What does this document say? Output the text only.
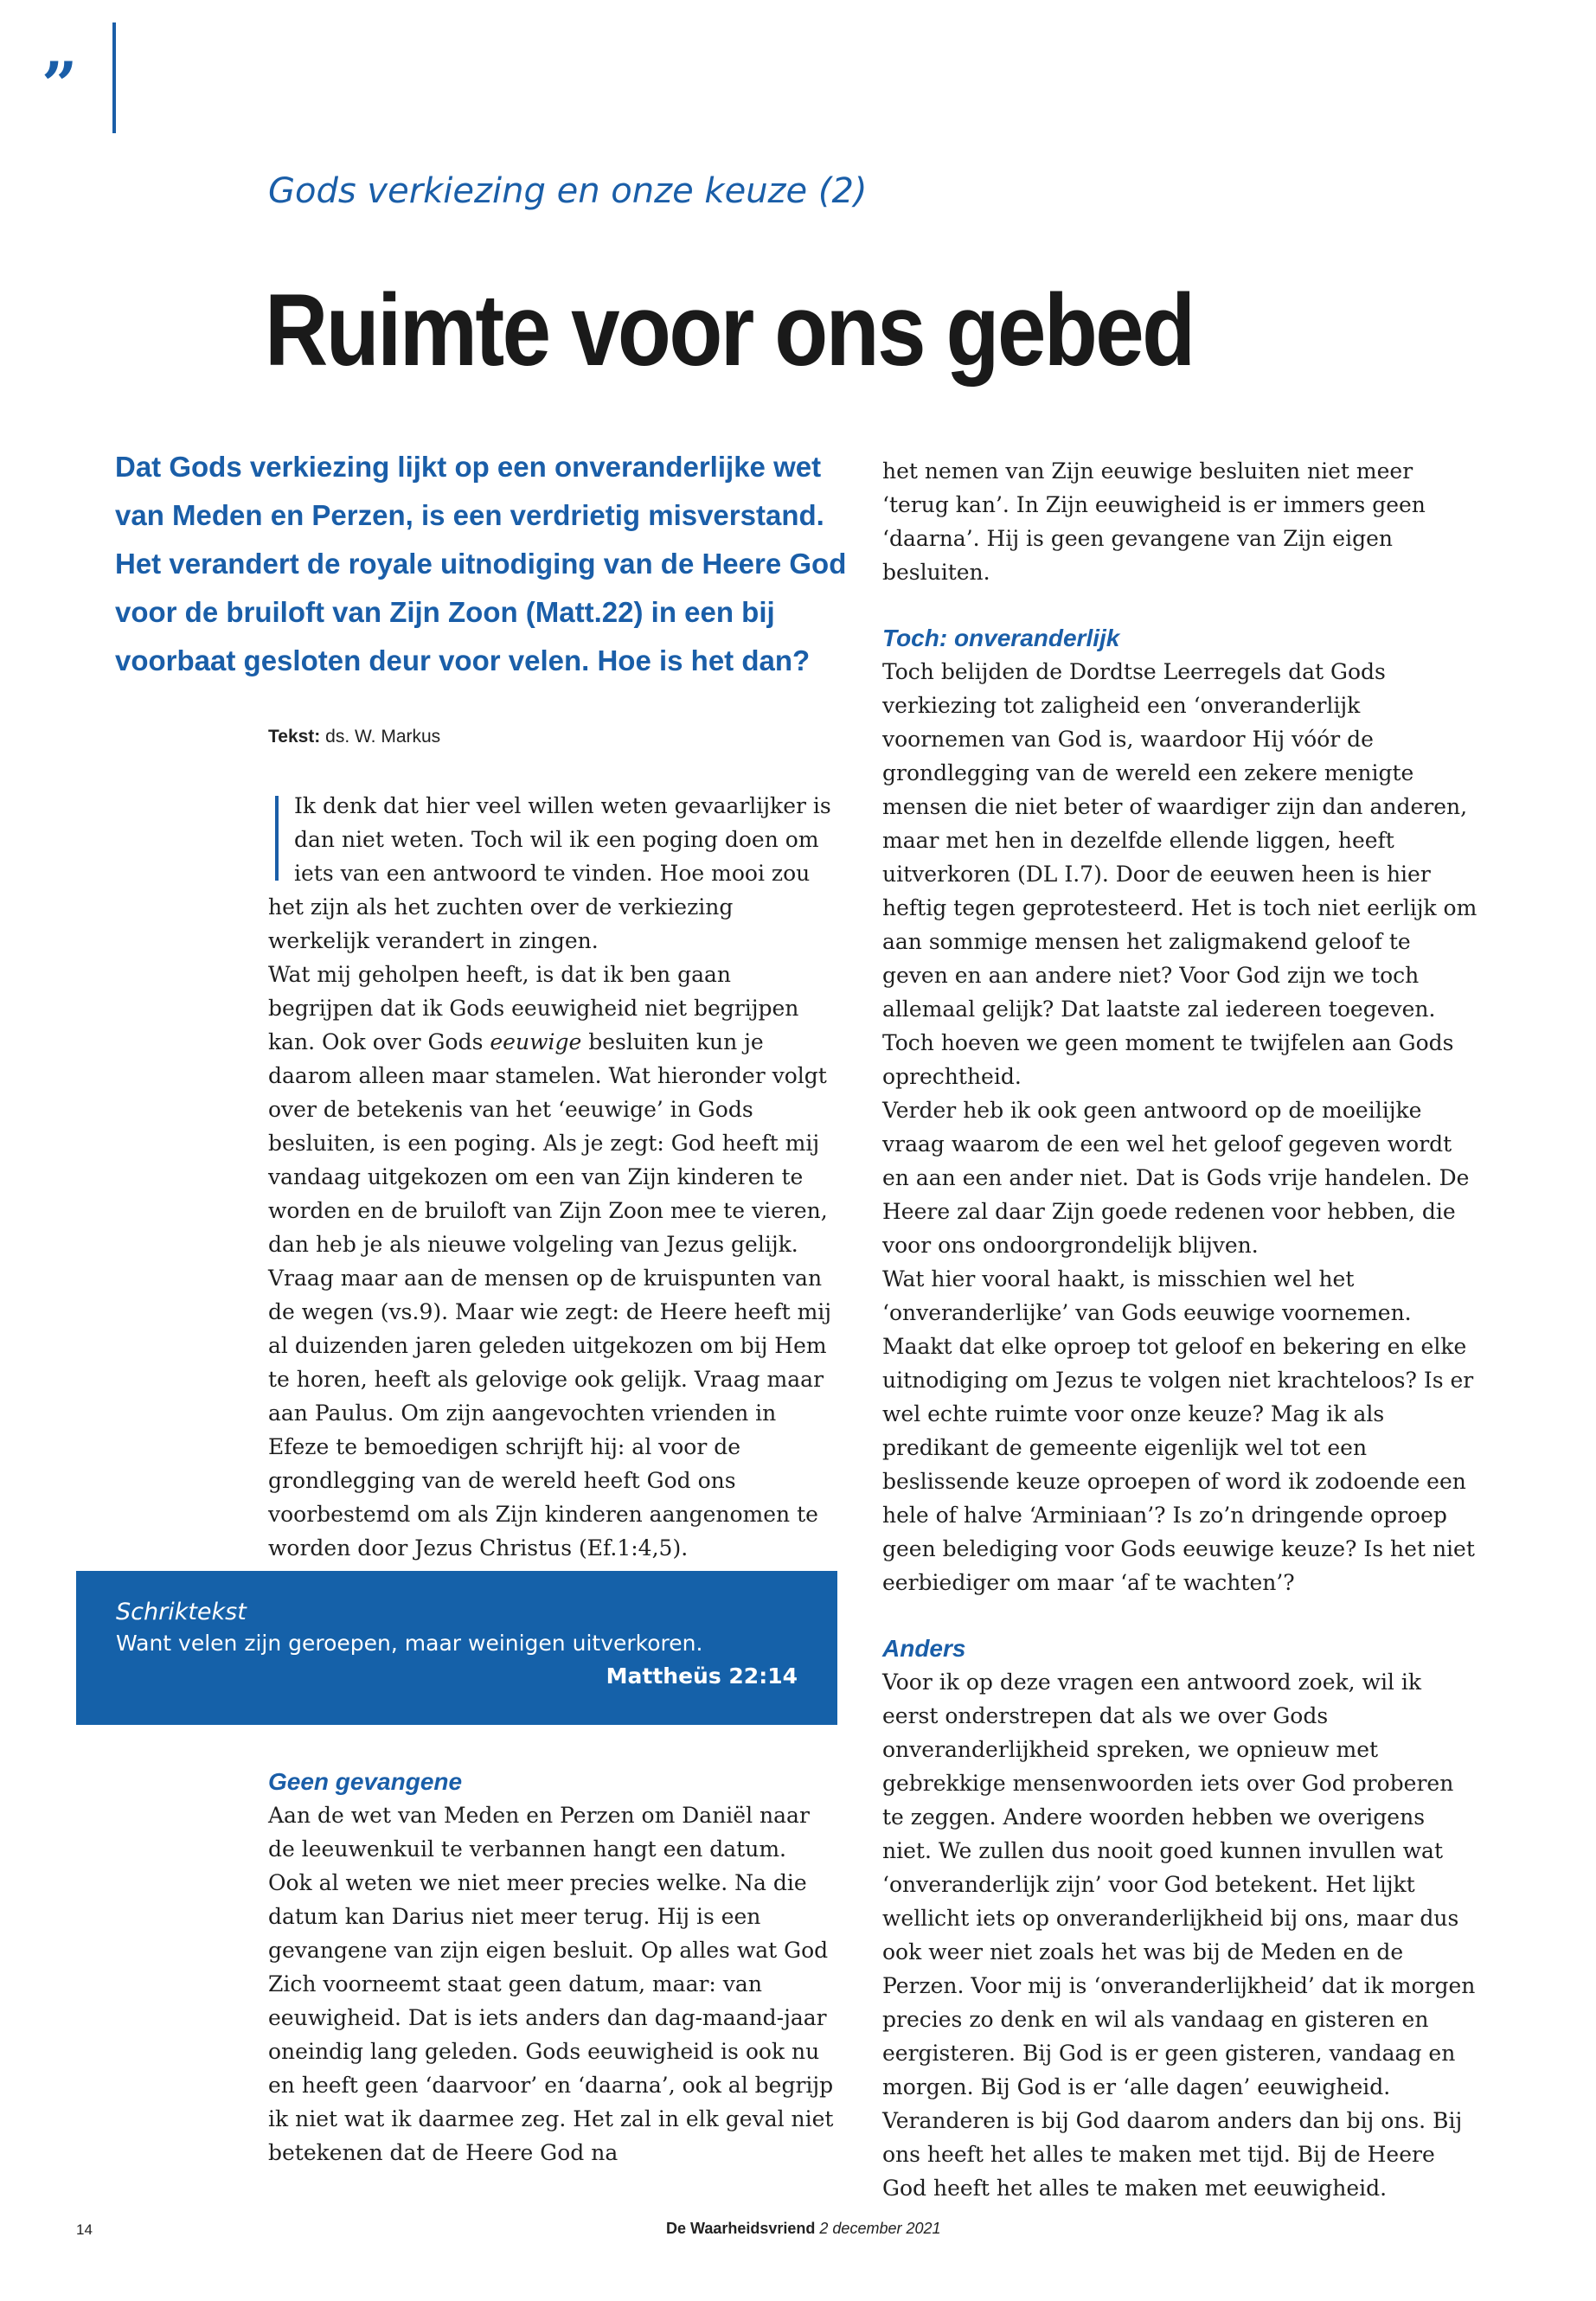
”
Gods verkiezing en onze keuze (2)
Ruimte voor ons gebed
Dat Gods verkiezing lijkt op een onveranderlijke wet van Meden en Perzen, is een verdrietig misverstand. Het verandert de royale uitnodiging van de Heere God voor de bruiloft van Zijn Zoon (Matt.22) in een bij voorbaat gesloten deur voor velen. Hoe is het dan?
Tekst: ds. W. Markus

Ik denk dat hier veel willen weten gevaarlijker is dan niet weten. Toch wil ik een poging doen om iets van een antwoord te vinden. Hoe mooi zou het zijn als het zuchten over de verkiezing werkelijk verandert in zingen.

Wat mij geholpen heeft, is dat ik ben gaan begrijpen dat ik Gods eeuwigheid niet begrijpen kan. Ook over Gods eeuwige besluiten kun je daarom alleen maar stamelen. Wat hieronder volgt over de betekenis van het ‘eeuwige’ in Gods besluiten, is een poging. Als je zegt: God heeft mij vandaag uitgekozen om een van Zijn kinderen te worden en de bruiloft van Zijn Zoon mee te vieren, dan heb je als nieuwe volgeling van Jezus gelijk. Vraag maar aan de mensen op de kruispunten van de wegen (vs.9). Maar wie zegt: de Heere heeft mij al duizenden jaren geleden uitgekozen om bij Hem te horen, heeft als gelovige ook gelijk. Vraag maar aan Paulus. Om zijn aangevochten vrienden in Efeze te bemoedigen schrijft hij: al voor de grondlegging van de wereld heeft God ons voorbestemd om als Zijn kinderen aangenomen te worden door Jezus Christus (Ef.1:4,5).

Schriktekst
Want velen zijn geroepen, maar weinigen uitverkoren.
Mattheüs 22:14
Geen gevangene

Aan de wet van Meden en Perzen om Daniël naar de leeuwenkuil te verbannen hangt een datum. Ook al weten we niet meer precies welke. Na die datum kan Darius niet meer terug. Hij is een gevangene van zijn eigen besluit. Op alles wat God Zich voorneemt staat geen datum, maar: van eeuwigheid. Dat is iets anders dan dag-maand-jaar oneindig lang geleden. Gods eeuwigheid is ook nu en heeft geen ‘daarvoor’ en ‘daarna’, ook al begrijp ik niet wat ik daarmee zeg. Het zal in elk geval niet betekenen dat de Heere God na

het nemen van Zijn eeuwige besluiten niet meer ‘terug kan’. In Zijn eeuwigheid is er immers geen ‘daarna’. Hij is geen gevangene van Zijn eigen besluiten.

Toch: onveranderlijk

Toch belijden de Dordtse Leerregels dat Gods verkiezing tot zaligheid een ‘onveranderlijk voornemen van God is, waardoor Hij vóór de grondlegging van de wereld een zekere menigte mensen die niet beter of waardiger zijn dan anderen, maar met hen in dezelfde ellende liggen, heeft uitverkoren (DL I.7). Door de eeuwen heen is hier heftig tegen geprotesteerd. Het is toch niet eerlijk om aan sommige mensen het zaligmakend geloof te geven en aan andere niet? Voor God zijn we toch allemaal gelijk? Dat laatste zal iedereen toegeven. Toch hoeven we geen moment te twijfelen aan Gods oprechtheid.

Verder heb ik ook geen antwoord op de moeilijke vraag waarom de een wel het geloof gegeven wordt en aan een ander niet. Dat is Gods vrije handelen. De Heere zal daar Zijn goede redenen voor hebben, die voor ons ondoorgrondelijk blijven.

Wat hier vooral haakt, is misschien wel het ‘onveranderlijke’ van Gods eeuwige voornemen. Maakt dat elke oproep tot geloof en bekering en elke uitnodiging om Jezus te volgen niet krachteloos? Is er wel echte ruimte voor onze keuze? Mag ik als predikant de gemeente eigenlijk wel tot een beslissende keuze oproepen of word ik zodoende een hele of halve ‘Arminiaan’? Is zo’n dringende oproep geen belediging voor Gods eeuwige keuze? Is het niet eerbiediger om maar ‘af te wachten’?

Anders

Voor ik op deze vragen een antwoord zoek, wil ik eerst onderstrepen dat als we over Gods onveranderlijkheid spreken, we opnieuw met gebrekkige mensenwoorden iets over God proberen te zeggen. Andere woorden hebben we overigens niet. We zullen dus nooit goed kunnen invullen wat ‘onveranderlijk zijn’ voor God betekent. Het lijkt wellicht iets op onveranderlijkheid bij ons, maar dus ook weer niet zoals het was bij de Meden en de Perzen. Voor mij is ‘onveranderlijkheid’ dat ik morgen precies zo denk en wil als vandaag en gisteren en eergisteren. Bij God is er geen gisteren, vandaag en morgen. Bij God is er ‘alle dagen’ eeuwigheid. Veranderen is bij God daarom anders dan bij ons. Bij ons heeft het alles te maken met tijd. Bij de Heere God heeft het alles te maken met eeuwigheid.

14	De Waarheidsvriend 2 december 2021
